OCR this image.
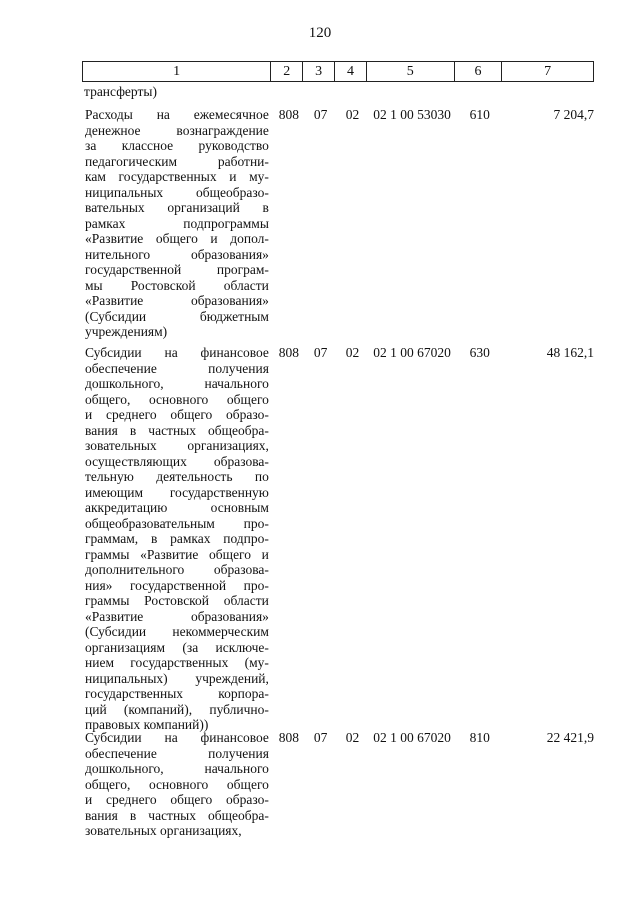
120
1	2	3	4	5	6	7
трансферты)
Расходы на ежемесячное
денежное вознаграждение
за классное руководство
педагогическим работни-
кам государственных и му-
ниципальных общеобразо-
вательных организаций в
рамках подпрограммы
«Развитие общего и допол-
нительного образования»
государственной програм-
мы Ростовской области
«Развитие образования»
(Субсидии бюджетным
учреждениям)
808	07	02	02 1 00 53030	610	7 204,7
Субсидии на финансовое
обеспечение получения
дошкольного, начального
общего, основного общего
и среднего общего образо-
вания в частных общеобра-
зовательных организациях,
осуществляющих образова-
тельную деятельность по
имеющим государственную
аккредитацию основным
общеобразовательным про-
граммам, в рамках подпро-
граммы «Развитие общего и
дополнительного образова-
ния» государственной про-
граммы Ростовской области
«Развитие образования»
(Субсидии некоммерческим
организациям (за исключе-
нием государственных (му-
ниципальных) учреждений,
государственных корпора-
ций (компаний), публично-
правовых компаний))
808	07	02	02 1 00 67020	630	48 162,1
Субсидии на финансовое
обеспечение получения
дошкольного, начального
общего, основного общего
и среднего общего образо-
вания в частных общеобра-
зовательных организациях,
808	07	02	02 1 00 67020	810	22 421,9
